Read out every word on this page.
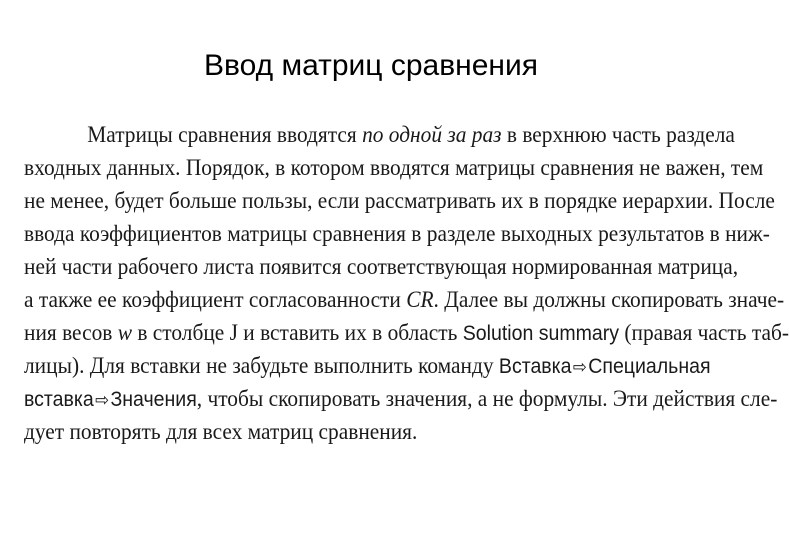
Ввод матриц сравнения
Матрицы сравнения вводятся по одной за раз в верхнюю часть раздела
входных данных. Порядок, в котором вводятся матрицы сравнения не важен, тем
не менее, будет больше пользы, если рассматривать их в порядке иерархии. После
ввода коэффициентов матрицы сравнения в разделе выходных результатов в ниж-
ней части рабочего листа появится соответствующая нормированная матрица,
а также ее коэффициент согласованности CR. Далее вы должны скопировать значе-
ния весов w в столбце J и вставить их в область Solution summary (правая часть таб-
лицы). Для вставки не забудьте выполнить команду Вставка⇨Специальная
вставка⇨Значения, чтобы скопировать значения, а не формулы. Эти действия сле-
дует повторять для всех матриц сравнения.
